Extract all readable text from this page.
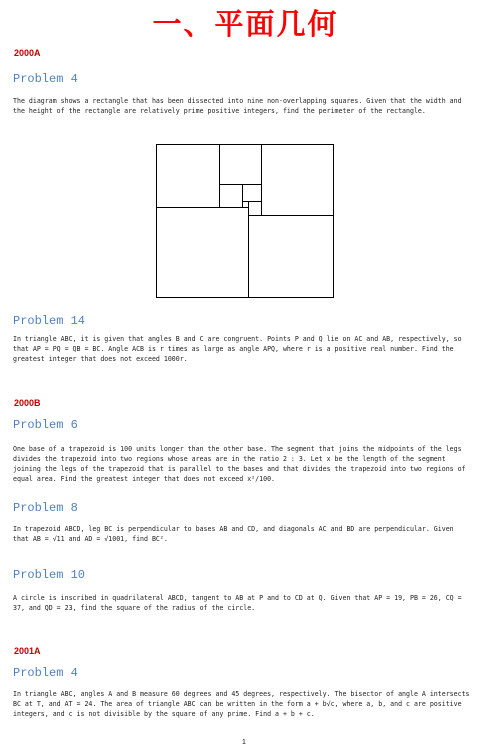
一、平面几何
2000A
Problem 4

The diagram shows a rectangle that has been dissected into nine non-overlapping squares. Given that the width and the height of the rectangle are relatively prime positive integers, find the perimeter of the rectangle.

Problem 14

In triangle ABC, it is given that angles B and C are congruent. Points P and Q lie on AC and AB, respectively, so that AP = PQ = QB = BC. Angle ACB is r times as large as angle APQ, where r is a positive real number. Find the greatest integer that does not exceed 1000r.

2000B
Problem 6

One base of a trapezoid is 100 units longer than the other base. The segment that joins the midpoints of the legs divides the trapezoid into two regions whose areas are in the ratio 2 : 3. Let x be the length of the segment joining the legs of the trapezoid that is parallel to the bases and that divides the trapezoid into two regions of equal area. Find the greatest integer that does not exceed x²/100.

Problem 8

In trapezoid ABCD, leg BC is perpendicular to bases AB and CD, and diagonals AC and BD are perpendicular. Given that AB = √11 and AD = √1001, find BC².

Problem 10

A circle is inscribed in quadrilateral ABCD, tangent to AB at P and to CD at Q. Given that AP = 19, PB = 26, CQ = 37, and QD = 23, find the square of the radius of the circle.

2001A
Problem 4

In triangle ABC, angles A and B measure 60 degrees and 45 degrees, respectively. The bisector of angle A intersects BC at T, and AT = 24. The area of triangle ABC can be written in the form a + b√c, where a, b, and c are positive integers, and c is not divisible by the square of any prime. Find a + b + c.

1
